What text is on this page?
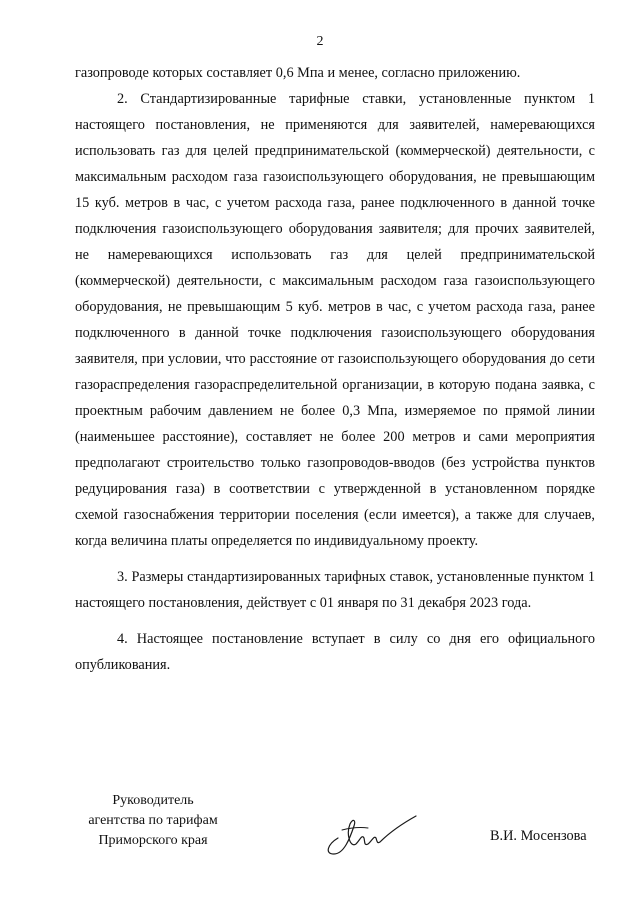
2

газопроводе которых составляет 0,6 Мпа и менее, согласно приложению.

2. Стандартизированные тарифные ставки, установленные пунктом 1 настоящего постановления, не применяются для заявителей, намеревающихся использовать газ для целей предпринимательской (коммерческой) деятельности, с максимальным расходом газа газоиспользующего оборудования, не превышающим 15 куб. метров в час, с учетом расхода газа, ранее подключенного в данной точке подключения газоиспользующего оборудования заявителя; для прочих заявителей, не намеревающихся использовать газ для целей предпринимательской (коммерческой) деятельности, с максимальным расходом газа газоиспользующего оборудования, не превышающим 5 куб. метров в час, с учетом расхода газа, ранее подключенного в данной точке подключения газоиспользующего оборудования заявителя, при условии, что расстояние от газоиспользующего оборудования до сети газораспределения газораспределительной организации, в которую подана заявка, с проектным рабочим давлением не более 0,3 Мпа, измеряемое по прямой линии (наименьшее расстояние), составляет не более 200 метров и сами мероприятия предполагают строительство только газопроводов-вводов (без устройства пунктов редуцирования газа) в соответствии с утвержденной в установленном порядке схемой газоснабжения территории поселения (если имеется), а также для случаев, когда величина платы определяется по индивидуальному проекту.

3. Размеры стандартизированных тарифных ставок, установленные пунктом 1 настоящего постановления, действует с 01 января по 31 декабря 2023 года.

4. Настоящее постановление вступает в силу со дня его официального опубликования.

Руководитель
агентства по тарифам
Приморского края	В.И. Мосензова
